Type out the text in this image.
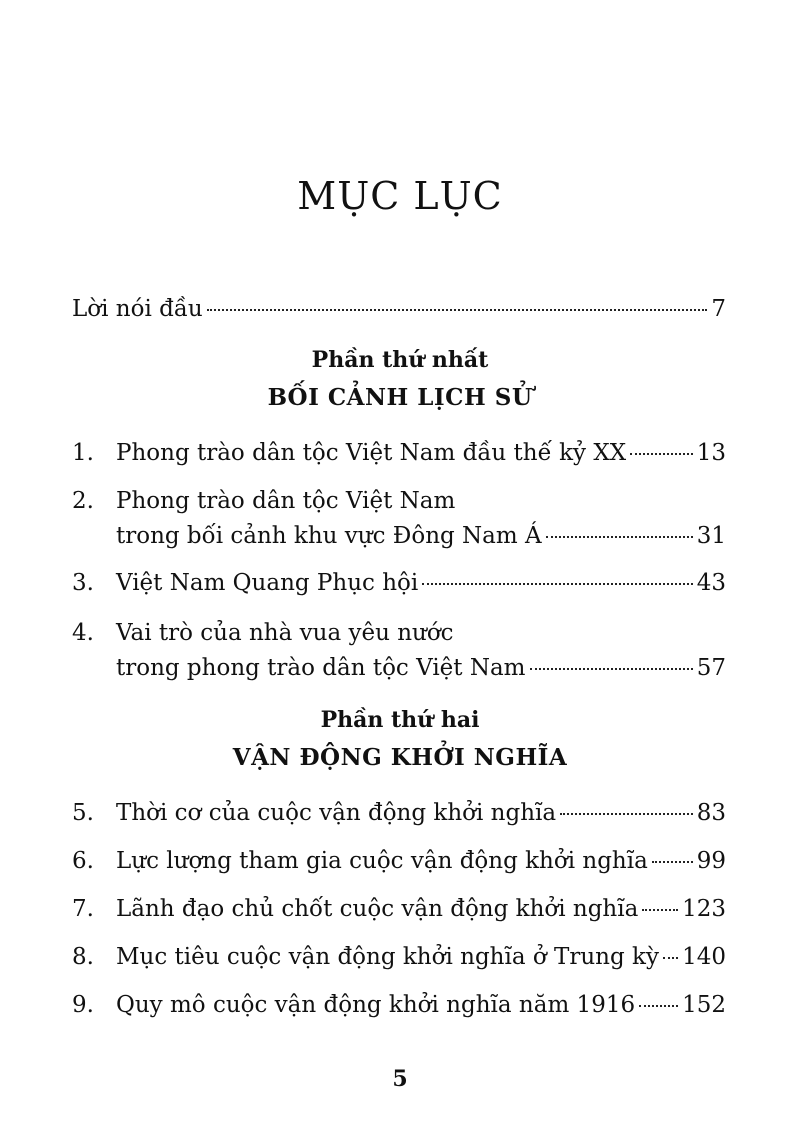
MỤC LỤC
Lời nói đầu	7
Phần thứ nhất
BỐI CẢNH LỊCH SỬ
1. Phong trào dân tộc Việt Nam đầu thế kỷ XX	13
2. Phong trào dân tộc Việt Nam
trong bối cảnh khu vực Đông Nam Á	31
3. Việt Nam Quang Phục hội	43
4. Vai trò của nhà vua yêu nước
trong phong trào dân tộc Việt Nam	57
Phần thứ hai
VẬN ĐỘNG KHỞI NGHĨA
5. Thời cơ của cuộc vận động khởi nghĩa	83
6. Lực lượng tham gia cuộc vận động khởi nghĩa 99
7. Lãnh đạo chủ chốt cuộc vận động khởi nghĩa 123
8. Mục tiêu cuộc vận động khởi nghĩa ở Trung kỳ 140
9. Quy mô cuộc vận động khởi nghĩa năm 1916 152
5
